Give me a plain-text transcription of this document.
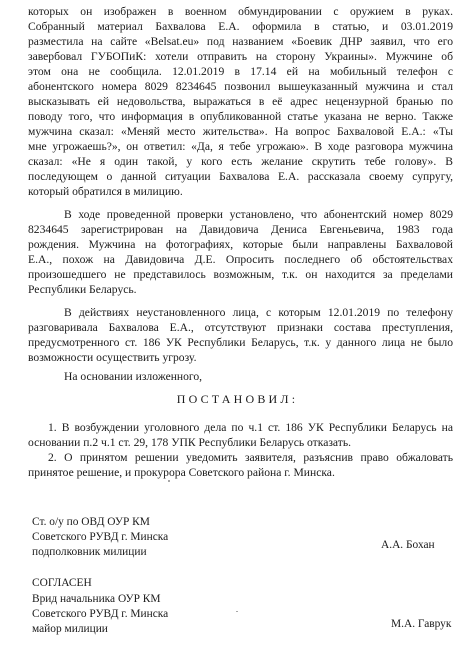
которых он изображен в военном обмундировании с оружием в руках.
Собранный материал Бахвалова Е.А. оформила в статью, и 03.01.2019
разместила на сайте «Belsat.eu» под названием «Боевик ДНР заявил, что его
завербовал ГУБОПиК: хотели отправить на сторону Украины». Мужчине об
этом она не сообщила. 12.01.2019 в 17.14 ей на мобильный телефон с
абонентского номера 8029 8234645 позвонил вышеуказанный мужчина и стал
высказывать ей недовольства, выражаться в её адрес нецензурной бранью по
поводу того, что информация в опубликованной статье указана не верно. Также
мужчина сказал: «Меняй место жительства». На вопрос Бахваловой Е.А.: «Ты
мне угрожаешь?», он ответил: «Да, я тебе угрожаю». В ходе разговора мужчина
сказал: «Не я один такой, у кого есть желание скрутить тебе голову». В
последующем о данной ситуации Бахвалова Е.А. рассказала своему супругу,
который обратился в милицию.
В ходе проведенной проверки установлено, что абонентский номер 8029
8234645 зарегистрирован на Давидовича Дениса Евгеньевича, 1983 года
рождения. Мужчина на фотографиях, которые были направлены Бахваловой
Е.А., похож на Давидовича Д.Е. Опросить последнего об обстоятельствах
произошедшего не представилось возможным, т.к. он находится за пределами
Республики Беларусь.
В действиях неустановленного лица, с которым 12.01.2019 по телефону
разговаривала Бахвалова Е.А., отсутствуют признаки состава преступления,
предусмотренного ст. 186 УК Республики Беларусь, т.к. у данного лица не было
возможности осуществить угрозу.
На основании изложенного,
ПОСТАНОВИЛ:
1. В возбуждении уголовного дела по ч.1 ст. 186 УК Республики Беларусь на
основании п.2 ч.1 ст. 29, 178 УПК Республики Беларусь отказать.
2. О принятом решении уведомить заявителя, разъяснив право обжаловать
принятое решение, и прокурора Советского района г. Минска.
Ст. о/у по ОВД ОУР КМ
Советского РУВД г. Минска
подполковник милиции
А.А. Бохан
СОГЛАСЕН
Врид начальника ОУР КМ
Советского РУВД г. Минска
майор милиции	М.А. Гаврук
